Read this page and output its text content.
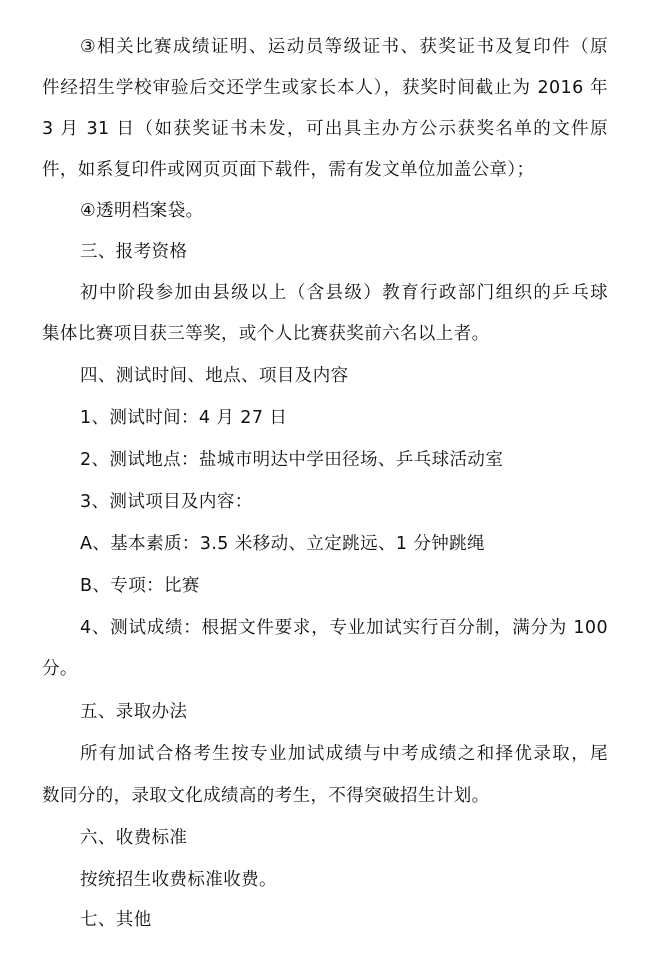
③相关比赛成绩证明、运动员等级证书、获奖证书及复印件（原
件经招生学校审验后交还学生或家长本人），获奖时间截止为 2016 年
3 月 31 日（如获奖证书未发，可出具主办方公示获奖名单的文件原
件，如系复印件或网页页面下载件，需有发文单位加盖公章）；
④透明档案袋。
三、报考资格
初中阶段参加由县级以上（含县级）教育行政部门组织的乒乓球
集体比赛项目获三等奖，或个人比赛获奖前六名以上者。
四、测试时间、地点、项目及内容
1、测试时间：4 月 27 日
2、测试地点：盐城市明达中学田径场、乒乓球活动室
3、测试项目及内容：
A、基本素质：3.5 米移动、立定跳远、1 分钟跳绳
B、专项：比赛
4、测试成绩：根据文件要求，专业加试实行百分制，满分为 100
分。
五、录取办法
所有加试合格考生按专业加试成绩与中考成绩之和择优录取，尾
数同分的，录取文化成绩高的考生，不得突破招生计划。
六、收费标准
按统招生收费标准收费。
七、其他
